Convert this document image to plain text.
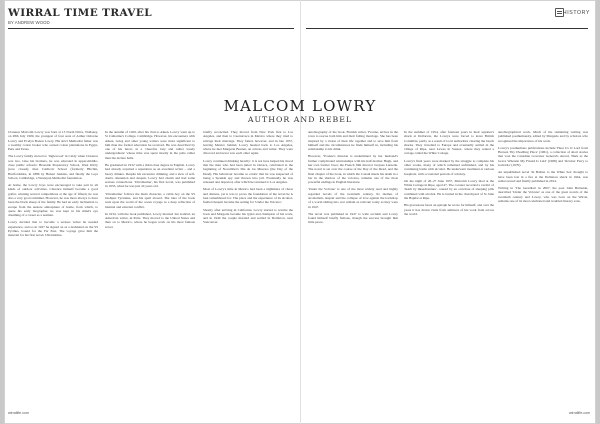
WIRRAL TIME TRAVEL
BY ANDREW WOOD
HISTORY
MALCOM LOWRY
AUTHOR AND REBEL

Clarence Malcolm Lowry was born at 13 North Drive, Wallasey, on 28th July 1909, the youngest of four sons of Arthur Osborne Lowry and Evelyn Boden Lowry. His strict Methodist father was a wealthy cotton broker who owned cotton plantations in Egypt, Peru and Texas.

The Lowry family moved to 'Inglewood' in Caldy when Clarence was two. Like his brothers, he was educated in upper-middle-class public schools: Braeside Preparatory School, West Kirby (now closed), then Caldicott School (formerly Hitchin, Hertfordshire, in 1886 by Hubert Jenkins, and finally the Leys School, Cambridge, a Wesleyan Methodist foundation.

At home, the Lowry boys were encouraged to take part in all kinds of outdoor activities. Clarence himself became a good golfer, winning several competitions at the age of fifteen; he was also a very good swimmer. However, he was more always to have been the black sheep of the family. He had an early inclination to escape from the austere atmosphere of home, from which, to quote his early biographer, he was kept in his mind's eye dreaming of a career as a seaman.

Lowry decided that to become a serious writer he needed experience, and so in 1927 he signed on as a deckhand on the SS Pyrrhus, bound for the Far East. The voyage gave him the material for his first novel, Ultramarine.

In the autumn of 1929, after his visit to Aiken, Lowry went up to St Catharine's College, Cambridge. However, his encounters with Aiken, Grieg and other young writers were more significant to him than the formal education he received. He was described by one of his tutors as a 'cheerful, lazy and rather lonely undergraduate' whose time was spent mostly in the pubs rather than the lecture halls.

He graduated in 1932 with a third-class degree in English. Lowry had already acquired a reputation as an excellent writer – and a heavy drinker. Despite his excessive drinking, and a slew of self-doubt, alienation and despair, Lowry had charm and had some serious connections. 'Ultramarine', his first novel, was published in 1933, when he was just 24 years old.

'Ultramarine' follows the main character, a cabin boy on the SS Oedipus Tyrannus, and his spell aboard. The idea of the book rests upon the world of the ocean voyage as a deep reflection of internal and external conflict.

In 1934, with the book published, Lowry married Jan Gabrial, an American writer, in Paris. They moved to the United States and then on to Mexico, where he began work on his most famous novel.

briefly reconciled. They moved from New York first to Los Angeles, and then to Cuernavaca in Mexico where they tried to salvage their marriage. They failed, however, and in late 1937, leaving Mexico behind, Lowry headed back to Los Angeles, where he met Margerie Bonner, an actress and writer. They were divorced and never saw each other again.

Lowry continued drinking heavily: it is not here helped his mood that the man who had been jailed in Oaxaca, celebrated at the beginning of November's Día de los Muertos (the Day of the Dead). His behaviour became so erratic that he was suspected of being a Spanish spy and thrown into jail. Eventually he was released and deported, after which he returned to Los Angeles.

Most of Lowry's time in Mexico had been a nightmare of chaos and distress, yet it was to prove the foundation of the novel he is best remembered for. The place and the experience of its alcohol-fuelled despair became the setting for 'Under the Volcano'.

Shortly after arriving in California, Lowry started to rewrite the book and Margerie became his typist and champion of his work, and in 1940 the couple married and settled in Dollarton, near Vancouver.

autobiography of the book. Finnish writer, Yvonne, arrives in the town to rescue both him and their failing marriage. She has been inspired by a vision of their life together and to save him from himself and the circumstances he finds himself in, including his relationship to his drink.

However, Yvonne's mission is undermined by her husband's further complicated relationships with his half-brother Hugh, and her own former lover, the French film director Jacques Laruelle. The novel is set over the course of the Day of the Dead, and the final chapter of the book, in which the Consul meets his death in a bar in the shadow of the volcano, remains one of the most powerful endings in English literature.

'Under the Volcano' is one of the most widely read and highly regarded novels of the twentieth century. Its themes of alcoholism, despair and the collapse of love against the backdrop of a world sliding into war remain as relevant today as they were in 1947.

The novel was published in 1947 to wide acclaim and Lowry found himself briefly famous, though the success brought him little peace.

In the summer of 1954, after fourteen years in their squatter's shack at Dollarton, the Lowrys were forced to leave British Columbia, partly as a result of local authorities clearing the beach shacks. They travelled to Europe and eventually settled in the village of Ripe, near Lewes in Sussex, where they rented a cottage called the White Cottage.

Lowry's final years were marked by the struggle to complete his other works, many of which remained unfinished, and by his continuing battle with alcohol. He underwent treatment at various hospitals, with occasional periods of sobriety.

On the night of 26–27 June 1957, Malcolm Lowry died at the White Cottage in Ripe, aged 47. The coroner recorded a verdict of 'death by misadventure', caused by an overdose of sleeping pills combined with alcohol. He is buried in the churchyard of St John the Baptist at Ripe.

His gravestone bears an epitaph he wrote for himself, and over the years it has drawn visits from admirers of his work from across the world.

autobiographical work. Much of his remaining writing was published posthumously, edited by Margerie and by scholars who recognised the importance of his work.

Lowry's posthumous publications include 'Hear Us O Lord from Heaven Thy Dwelling Place' (1961), a collection of short stories that won the Canadian Governor General's Award, 'Dark as the Grave Wherein My Friend Is Laid' (1968) and 'October Ferry to Gabriola' (1970).

An unpublished novel 'In Ballast to the White Sea' thought to have been lost in a fire at the Dollarton shack in 1944, was rediscovered and finally published in 2014.

Writing in 'The Guardian' in 2007, the poet John Burnside, described 'Under the Volcano' as one of the great novels of the twentieth century and Lowry, who was born on the Wirral, remains one of its most celebrated and troubled literary sons.

wirrallife.com	wirrallife.com
